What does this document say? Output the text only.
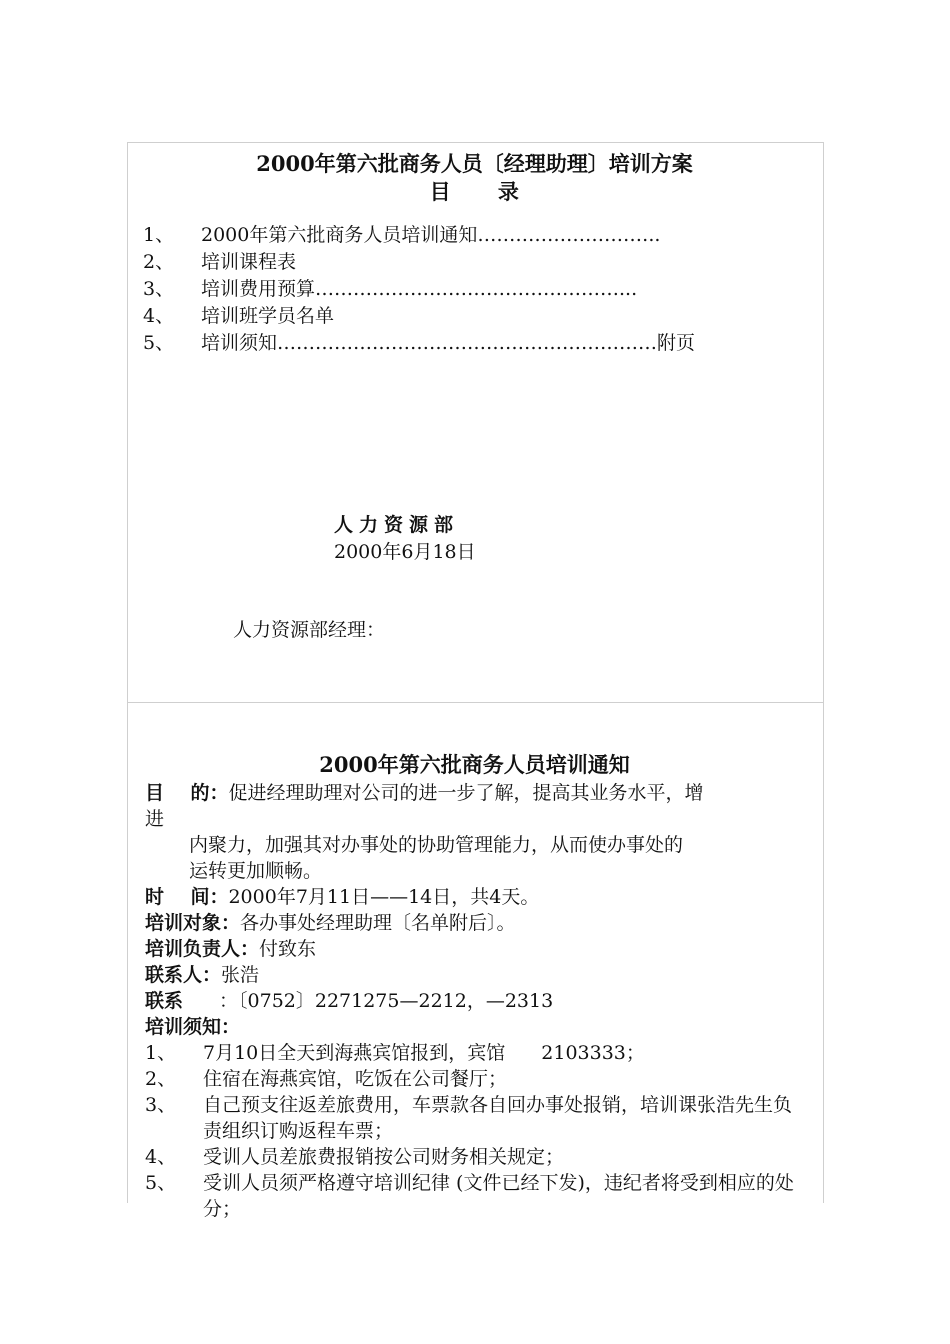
2000年第六批商务人员〔经理助理〕培训方案
目      录
1、	2000年第六批商务人员培训通知………………………..
2、	培训课程表
3、	培训费用预算…………………………………………...
4、	培训班学员名单
5、	培训须知…………………………………………………… 附页
人力资源部
2000年6月18日
人力资源部经理：
2000年第六批商务人员培训通知
目    的：促进经理助理对公司的进一步了解，提高其业务水平，增
进
内聚力，加强其对办事处的协助管理能力，从而使办事处的
运转更加顺畅。
时    间：2000年7月11日——14日，共4天。
培训对象：各办事处经理助理〔名单附后〕。
培训负责人：付致东
联系人：张浩
联系 ：〔0752〕2271275—2212，—2313
培训须知：
1、	7月10日全天到海燕宾馆报到，宾馆 2103333；
2、	住宿在海燕宾馆，吃饭在公司餐厅；
3、	自己预支往返差旅费用，车票款各自回办事处报销，培训课张浩先生负责组织订购返程车票；
4、	受训人员差旅费报销按公司财务相关规定；
5、	受训人员须严格遵守培训纪律 (文件已经下发)，违纪者将受到相应的处分；
